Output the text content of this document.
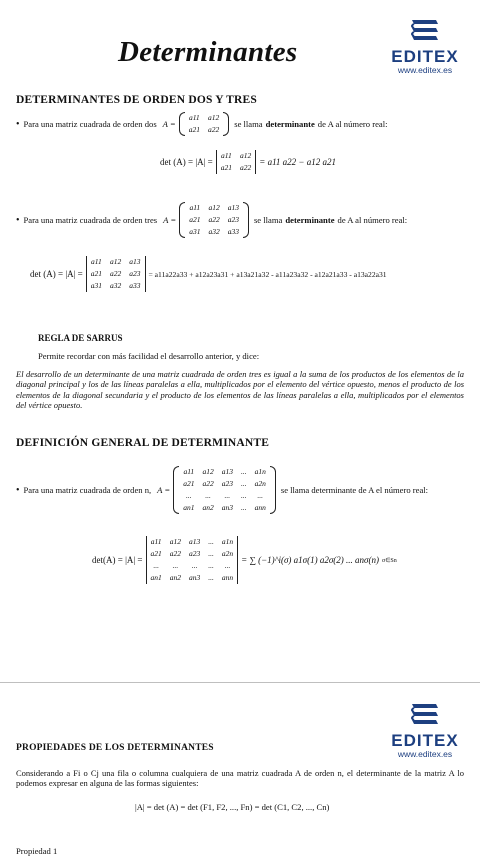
Determinantes	EDITEX
www.editex.es
DETERMINANTES DE ORDEN DOS Y TRES
• Para una matriz cuadrada de orden dos A =
a11	a12
a21	a22
se llama determinante de A al número real:
det (A) = |A| =
a11	a12
a21	a22
= a11 a22 − a12 a21
• Para una matriz cuadrada de orden tres A =
a11	a12	a13
a21	a22	a23
a31	a32	a33
se llama determinante de A al número real:
det (A) = |A| =
a11	a12	a13
a21	a22	a23
a31	a32	a33
= a11a22a33 + a12a23a31 + a13a21a32 - a11a23a32 - a12a21a33 - a13a22a31
REGLA DE SARRUS
Permite recordar con más facilidad el desarrollo anterior, y dice:
El desarrollo de un determinante de una matriz cuadrada de orden tres es igual a la suma de los productos de los elementos de la diagonal principal y los de las líneas paralelas a ella, multiplicados por el elemento del vértice opuesto, menos el producto de los elementos de la diagonal secundaria y el producto de los elementos de las líneas paralelas a ella, multiplicados por el elementos del vértice opuesto.
DEFINICIÓN GENERAL DE DETERMINANTE
• Para una matriz cuadrada de orden n, A =
a11	a12	a13	...	a1n
a21	a22	a23	...	a2n
...	...	...	...	...
an1	an2	an3	...	ann
se llama determinante de A el número real:
det(A) = |A| =
a11	a12	a13	...	a1n
a21	a22	a23	...	a2n
...	...	...	...	...
an1	an2	an3	...	ann
= ∑ (−1)^i(σ) a1σ(1) a2σ(2) ... anσ(n) σ∈Sn
EDITEX
www.editex.es
PROPIEDADES DE LOS DETERMINANTES
Considerando a Fi o Cj una fila o columna cualquiera de una matriz cuadrada A de orden n, el determinante de la matriz A lo podemos expresar en alguna de las formas siguientes:
|A| = det (A) = det (F1, F2, ..., Fn) = det (C1, C2, ..., Cn)
Propiedad 1
